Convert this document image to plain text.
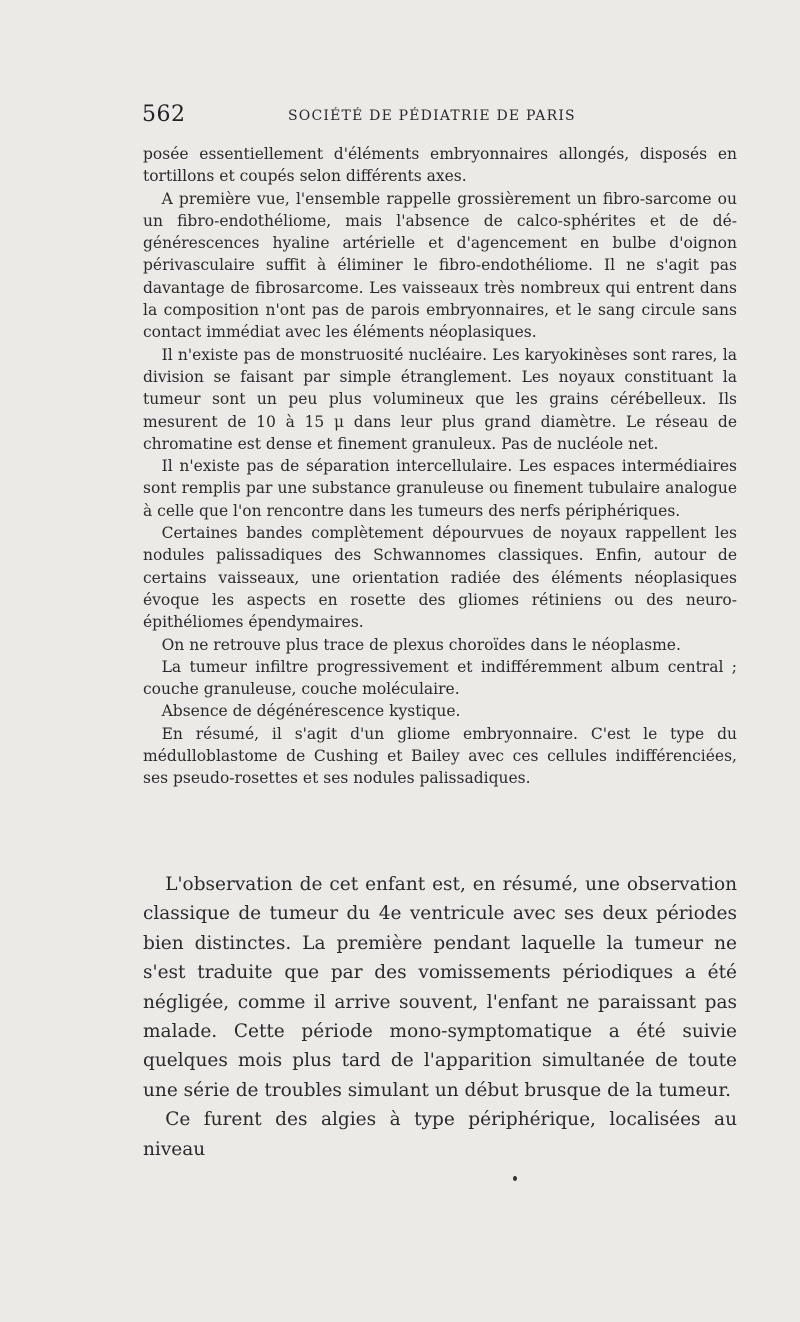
562	SOCIÉTÉ DE PÉDIATRIE DE PARIS

posée essentiellement d'éléments embryonnaires allongés, disposés en tortillons et coupés selon différents axes.

A première vue, l'ensemble rappelle grossièrement un fibro-sarcome ou un fibro-endothéliome, mais l'absence de calco-sphérites et de dégénérescences hyaline artérielle et d'agencement en bulbe d'oignon périvasculaire suffit à éliminer le fibro-endothéliome. Il ne s'agit pas davantage de fibrosarcome. Les vaisseaux très nombreux qui entrent dans la composition n'ont pas de parois embryonnaires, et le sang circule sans contact immédiat avec les éléments néoplasiques.

Il n'existe pas de monstruosité nucléaire. Les karyokinèses sont rares, la division se faisant par simple étranglement. Les noyaux constituant la tumeur sont un peu plus volumineux que les grains cérébelleux. Ils mesurent de 10 à 15 μ dans leur plus grand diamètre. Le réseau de chromatine est dense et finement granuleux. Pas de nucléole net.

Il n'existe pas de séparation intercellulaire. Les espaces intermédiaires sont remplis par une substance granuleuse ou finement tubulaire analogue à celle que l'on rencontre dans les tumeurs des nerfs périphériques.

Certaines bandes complètement dépourvues de noyaux rappellent les nodules palissadiques des Schwannomes classiques. Enfin, autour de certains vaisseaux, une orientation radiée des éléments néoplasiques évoque les aspects en rosette des gliomes rétiniens ou des neuro-épithéliomes épendymaires.

On ne retrouve plus trace de plexus choroïdes dans le néoplasme.

La tumeur infiltre progressivement et indifféremment album central ; couche granuleuse, couche moléculaire.

Absence de dégénérescence kystique.

En résumé, il s'agit d'un gliome embryonnaire. C'est le type du médulloblastome de Cushing et Bailey avec ces cellules indifférenciées, ses pseudo-rosettes et ses nodules palissadiques.

L'observation de cet enfant est, en résumé, une observation classique de tumeur du 4e ventricule avec ses deux périodes bien distinctes. La première pendant laquelle la tumeur ne s'est traduite que par des vomissements périodiques a été négligée, comme il arrive souvent, l'enfant ne paraissant pas malade. Cette période mono-symptomatique a été suivie quelques mois plus tard de l'apparition simultanée de toute une série de troubles simulant un début brusque de la tumeur.

Ce furent des algies à type périphérique, localisées au niveau
